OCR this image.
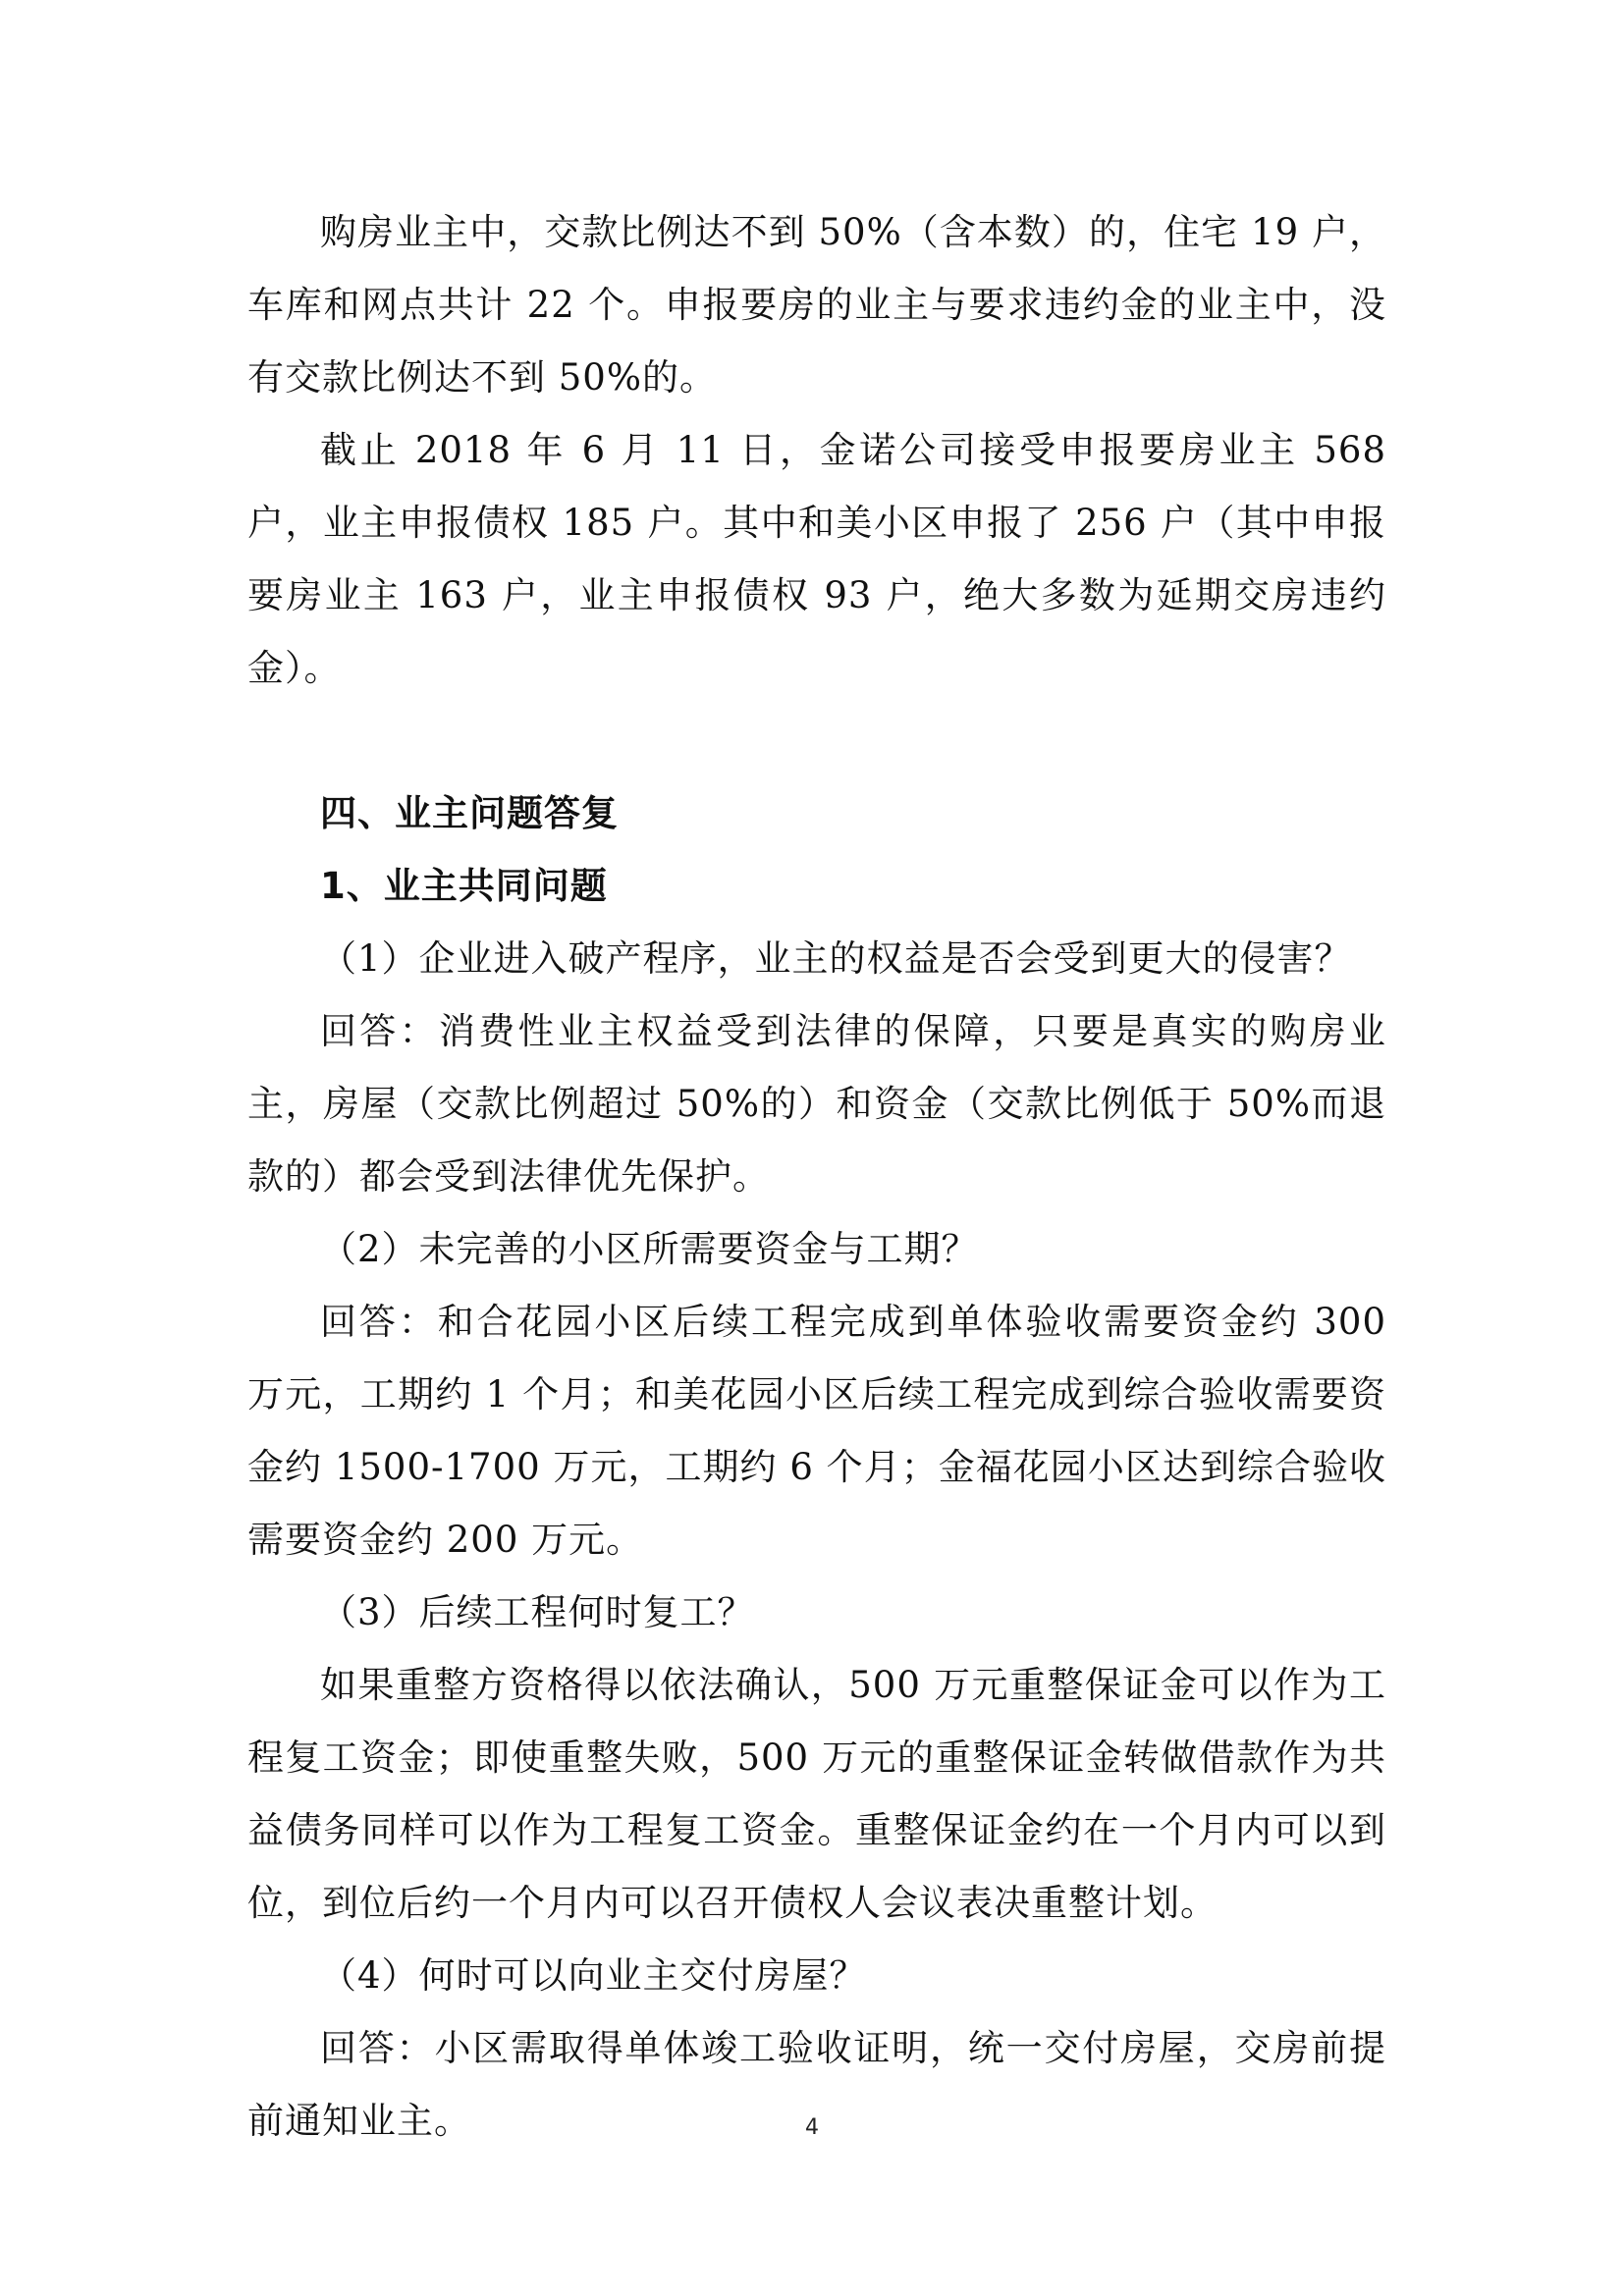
购房业主中，交款比例达不到 50%（含本数）的，住宅 19 户，车库和网点共计 22 个。申报要房的业主与要求违约金的业主中，没有交款比例达不到 50%的。

截止 2018 年 6 月 11 日，金诺公司接受申报要房业主 568 户，业主申报债权 185 户。其中和美小区申报了 256 户（其中申报要房业主 163 户，业主申报债权 93 户，绝大多数为延期交房违约金）。

四、业主问题答复

1、业主共同问题

（1）企业进入破产程序，业主的权益是否会受到更大的侵害？

回答：消费性业主权益受到法律的保障，只要是真实的购房业主，房屋（交款比例超过 50%的）和资金（交款比例低于 50%而退款的）都会受到法律优先保护。

（2）未完善的小区所需要资金与工期？

回答：和合花园小区后续工程完成到单体验收需要资金约 300 万元，工期约 1 个月；和美花园小区后续工程完成到综合验收需要资金约 1500-1700 万元，工期约 6 个月；金福花园小区达到综合验收需要资金约 200 万元。

（3）后续工程何时复工？

如果重整方资格得以依法确认，500 万元重整保证金可以作为工程复工资金；即使重整失败，500 万元的重整保证金转做借款作为共益债务同样可以作为工程复工资金。重整保证金约在一个月内可以到位，到位后约一个月内可以召开债权人会议表决重整计划。

（4）何时可以向业主交付房屋？

回答：小区需取得单体竣工验收证明，统一交付房屋，交房前提前通知业主。	4
